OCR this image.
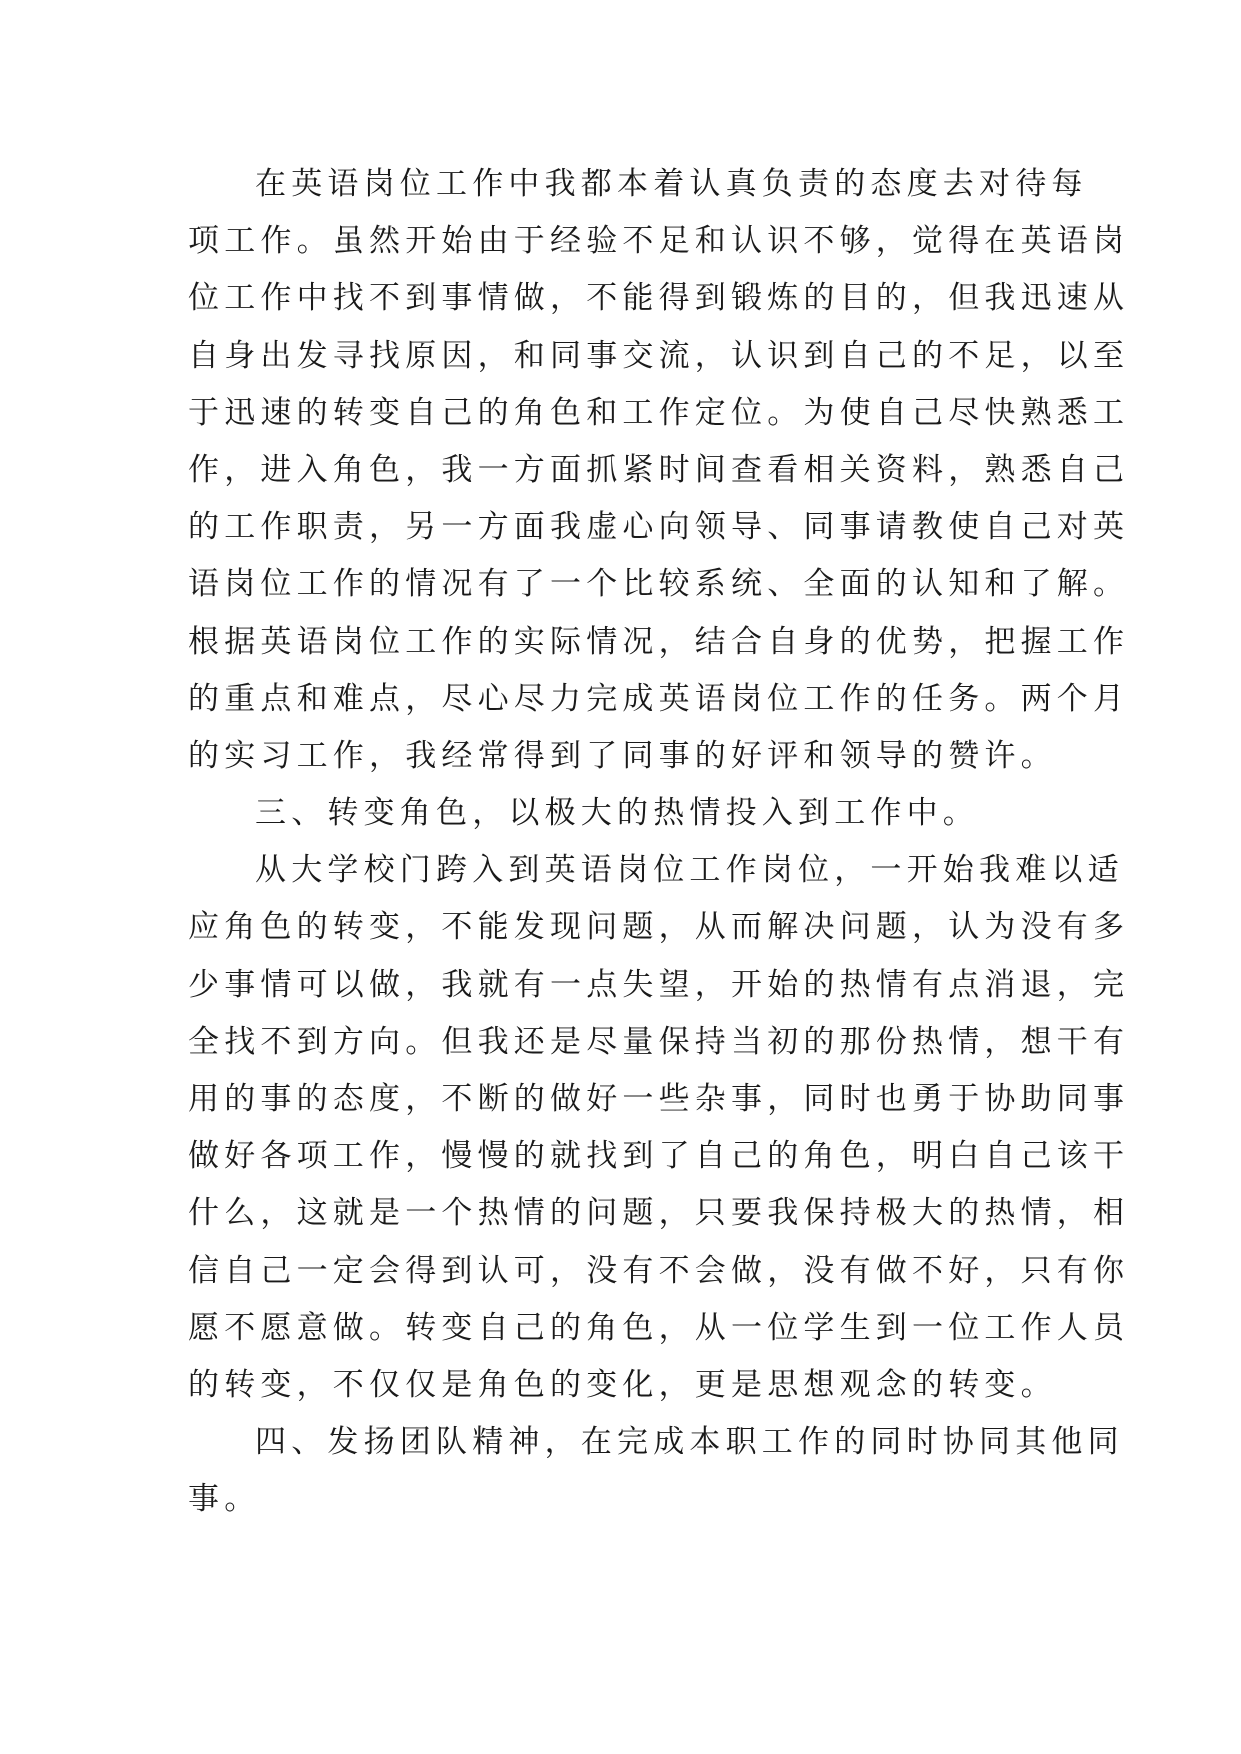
在英语岗位工作中我都本着认真负责的态度去对待每
项工作。虽然开始由于经验不足和认识不够，觉得在英语岗
位工作中找不到事情做，不能得到锻炼的目的，但我迅速从
自身出发寻找原因，和同事交流，认识到自己的不足，以至
于迅速的转变自己的角色和工作定位。为使自己尽快熟悉工
作，进入角色，我一方面抓紧时间查看相关资料，熟悉自己
的工作职责，另一方面我虚心向领导、同事请教使自己对英
语岗位工作的情况有了一个比较系统、全面的认知和了解。
根据英语岗位工作的实际情况，结合自身的优势，把握工作
的重点和难点，尽心尽力完成英语岗位工作的任务。两个月
的实习工作，我经常得到了同事的好评和领导的赞许。
三、转变角色，以极大的热情投入到工作中。
从大学校门跨入到英语岗位工作岗位，一开始我难以适
应角色的转变，不能发现问题，从而解决问题，认为没有多
少事情可以做，我就有一点失望，开始的热情有点消退，完
全找不到方向。但我还是尽量保持当初的那份热情，想干有
用的事的态度，不断的做好一些杂事，同时也勇于协助同事
做好各项工作，慢慢的就找到了自己的角色，明白自己该干
什么，这就是一个热情的问题，只要我保持极大的热情，相
信自己一定会得到认可，没有不会做，没有做不好，只有你
愿不愿意做。转变自己的角色，从一位学生到一位工作人员
的转变，不仅仅是角色的变化，更是思想观念的转变。
四、发扬团队精神，在完成本职工作的同时协同其他同
事。
